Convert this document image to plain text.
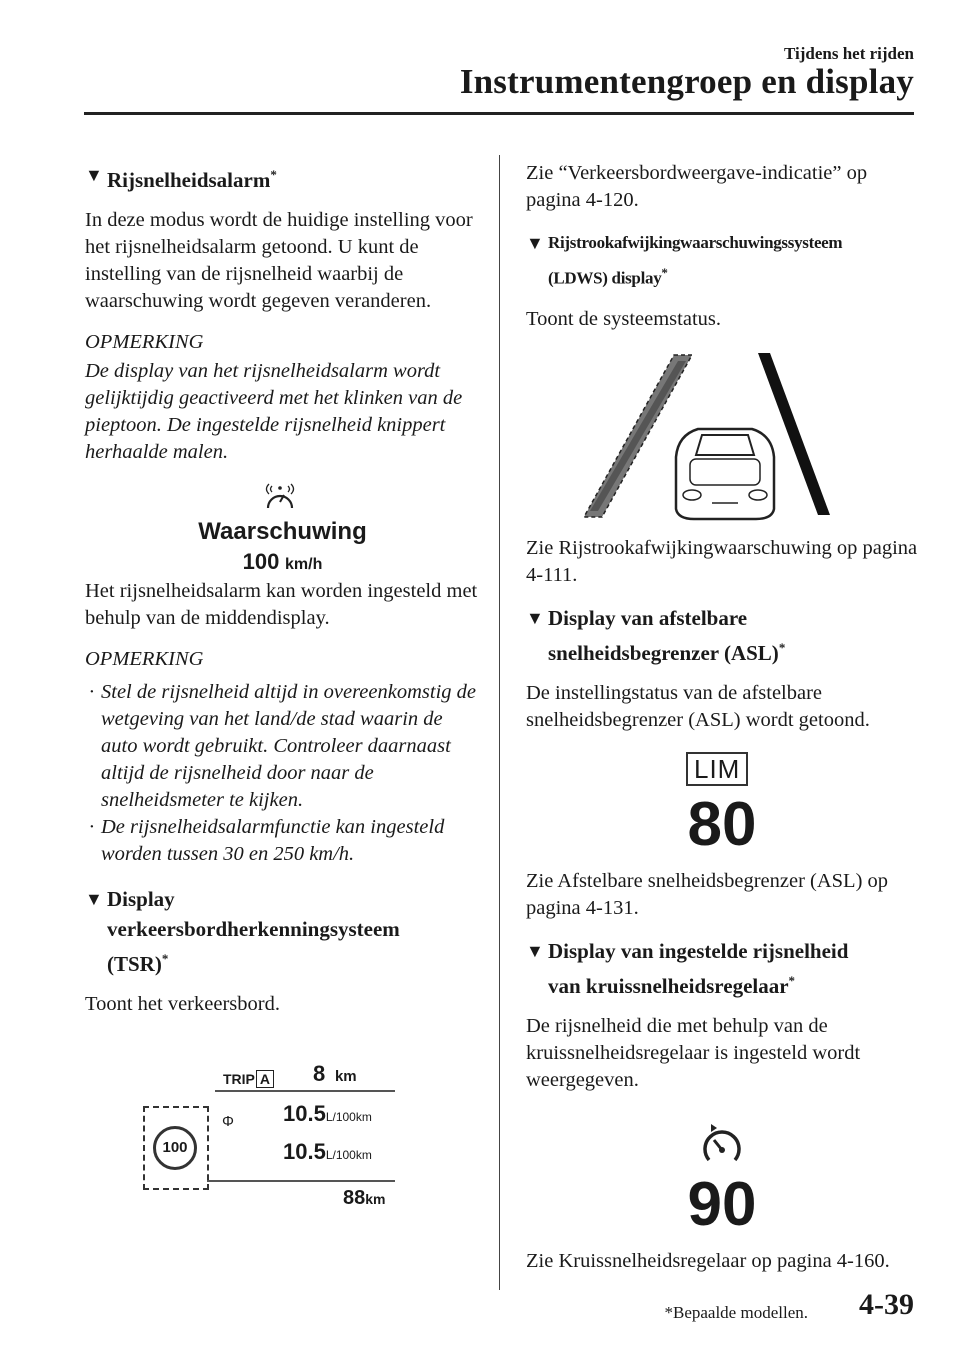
Tijdens het rijden
Instrumentengroep en display
▼ Rijsnelheidsalarm*

In deze modus wordt de huidige instelling voor het rijsnelheidsalarm getoond. U kunt de instelling van de rijsnelheid waarbij de waarschuwing wordt gegeven veranderen.

OPMERKING

De display van het rijsnelheidsalarm wordt gelijktijdig geactiveerd met het klinken van de pieptoon. De ingestelde rijsnelheid knippert herhaalde malen.

Waarschuwing
100 km/h

Het rijsnelheidsalarm kan worden ingesteld met behulp van de middendisplay.

OPMERKING
· Stel de rijsnelheid altijd in overeenkomstig de wetgeving van het land/de stad waarin de auto wordt gebruikt. Controleer daarnaast altijd de rijsnelheid door naar de snelheidsmeter te kijken.
· De rijsnelheidsalarmfunctie kan ingesteld worden tussen 30 en 250 km/h.
▼ Display
verkeersbordherkenningsysteem
(TSR)*

Toont het verkeersbord.

TRIP A 8 km
100
Φ 10.5L/100km
10.5L/100km
88km

Zie “Verkeersbordweergave-indicatie” op pagina 4-120.

▼ Rijstrookafwijkingwaarschuwingssysteem
(LDWS) display*

Toont de systeemstatus.

Zie Rijstrookafwijkingwaarschuwing op pagina 4-111.

▼ Display van afstelbare
snelheidsbegrenzer (ASL)*

De instellingstatus van de afstelbare snelheidsbegrenzer (ASL) wordt getoond.

LIM
80

Zie Afstelbare snelheidsbegrenzer (ASL) op pagina 4-131.

▼ Display van ingestelde rijsnelheid
van kruissnelheidsregelaar*

De rijsnelheid die met behulp van de kruissnelheidsregelaar is ingesteld wordt weergegeven.

90

Zie Kruissnelheidsregelaar op pagina 4-160.

*Bepaalde modellen. 4-39
